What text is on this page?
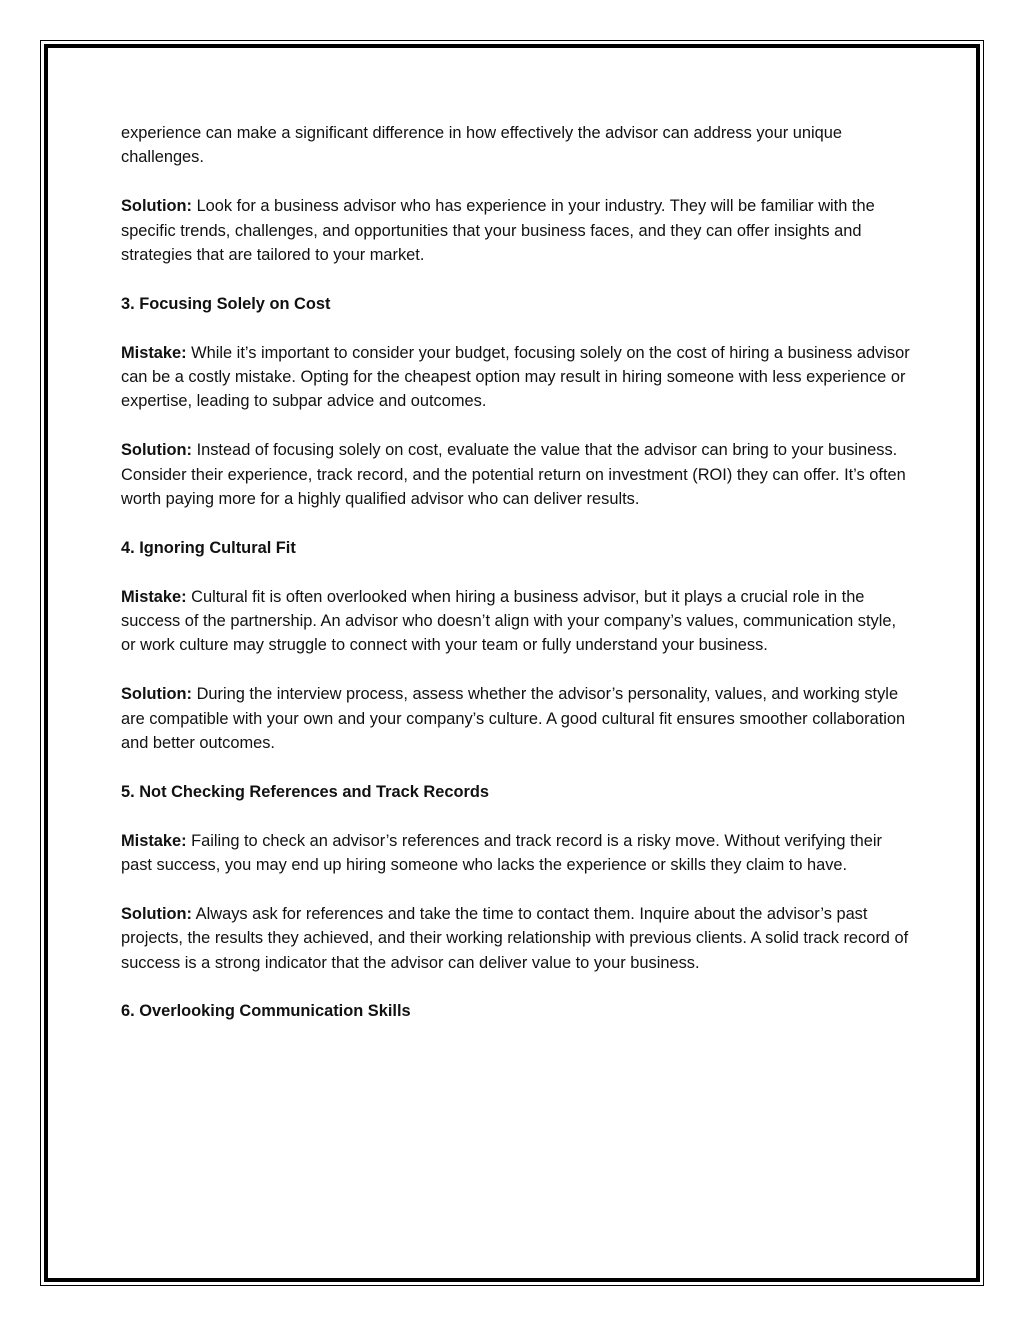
experience can make a significant difference in how effectively the advisor can address your unique challenges.

Solution: Look for a business advisor who has experience in your industry. They will be familiar with the specific trends, challenges, and opportunities that your business faces, and they can offer insights and strategies that are tailored to your market.

3. Focusing Solely on Cost

Mistake: While it’s important to consider your budget, focusing solely on the cost of hiring a business advisor can be a costly mistake. Opting for the cheapest option may result in hiring someone with less experience or expertise, leading to subpar advice and outcomes.

Solution: Instead of focusing solely on cost, evaluate the value that the advisor can bring to your business. Consider their experience, track record, and the potential return on investment (ROI) they can offer. It’s often worth paying more for a highly qualified advisor who can deliver results.

4. Ignoring Cultural Fit

Mistake: Cultural fit is often overlooked when hiring a business advisor, but it plays a crucial role in the success of the partnership. An advisor who doesn’t align with your company’s values, communication style, or work culture may struggle to connect with your team or fully understand your business.

Solution: During the interview process, assess whether the advisor’s personality, values, and working style are compatible with your own and your company’s culture. A good cultural fit ensures smoother collaboration and better outcomes.

5. Not Checking References and Track Records

Mistake: Failing to check an advisor’s references and track record is a risky move. Without verifying their past success, you may end up hiring someone who lacks the experience or skills they claim to have.

Solution: Always ask for references and take the time to contact them. Inquire about the advisor’s past projects, the results they achieved, and their working relationship with previous clients. A solid track record of success is a strong indicator that the advisor can deliver value to your business.

6. Overlooking Communication Skills
